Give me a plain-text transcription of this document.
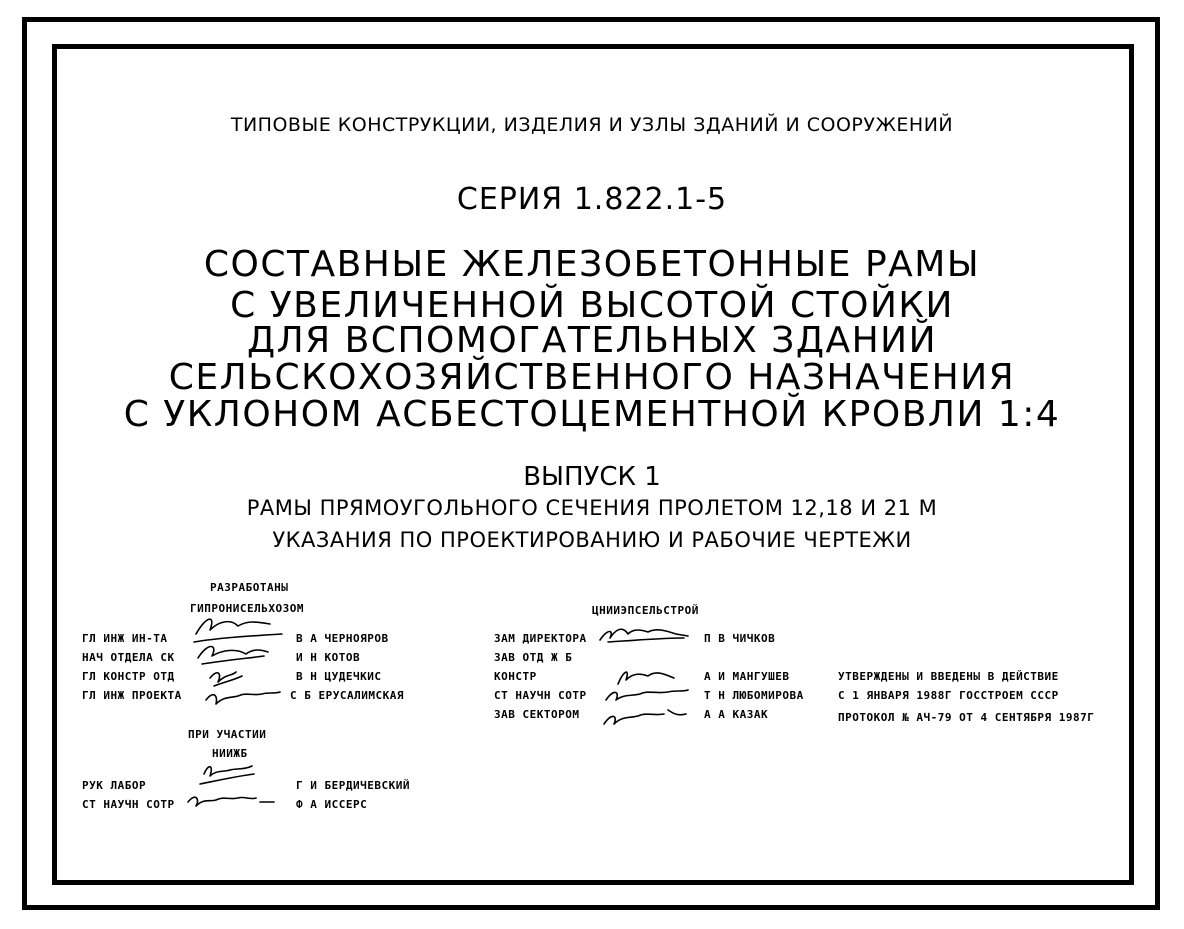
ТИПОВЫЕ КОНСТРУКЦИИ, ИЗДЕЛИЯ И УЗЛЫ ЗДАНИЙ И СООРУЖЕНИЙ
СЕРИЯ 1.822.1-5
СОСТАВНЫЕ ЖЕЛЕЗОБЕТОННЫЕ РАМЫ
С УВЕЛИЧЕННОЙ ВЫСОТОЙ СТОЙКИ
ДЛЯ ВСПОМОГАТЕЛЬНЫХ ЗДАНИЙ
СЕЛЬСКОХОЗЯЙСТВЕННОГО НАЗНАЧЕНИЯ
С УКЛОНОМ АСБЕСТОЦЕМЕНТНОЙ КРОВЛИ 1:4
ВЫПУСК 1
РАМЫ ПРЯМОУГОЛЬНОГО СЕЧЕНИЯ ПРОЛЕТОМ 12,18 И 21 М
УКАЗАНИЯ ПО ПРОЕКТИРОВАНИЮ И РАБОЧИЕ ЧЕРТЕЖИ
РАЗРАБОТАНЫ
ГИПРОНИСЕЛЬХОЗОМ
ГЛ ИНЖ ИН-ТА	В А ЧЕРНОЯРОВ
НАЧ ОТДЕЛА СК	И Н КОТОВ
ГЛ КОНСТР ОТД	В Н ЦУДЕЧКИС
ГЛ ИНЖ ПРОЕКТА	С Б ЕРУСАЛИМСКАЯ
ПРИ УЧАСТИИ
НИИЖБ
РУК ЛАБОР	Г И БЕРДИЧЕВСКИЙ
СТ НАУЧН СОТР	Ф А ИССЕРС
ЦНИИЭПСЕЛЬСТРОЙ
ЗАМ ДИРЕКТОРА	П В ЧИЧКОВ
ЗАВ ОТД Ж Б
КОНСТР	А И МАНГУШЕВ
СТ НАУЧН СОТР	Т Н ЛЮБОМИРОВА
ЗАВ СЕКТОРОМ	А А КАЗАК
УТВЕРЖДЕНЫ И ВВЕДЕНЫ В ДЕЙСТВИЕ
С 1 ЯНВАРЯ 1988Г ГОССТРОЕМ СССР
ПРОТОКОЛ № АЧ-79 ОТ 4 СЕНТЯБРЯ 1987Г
